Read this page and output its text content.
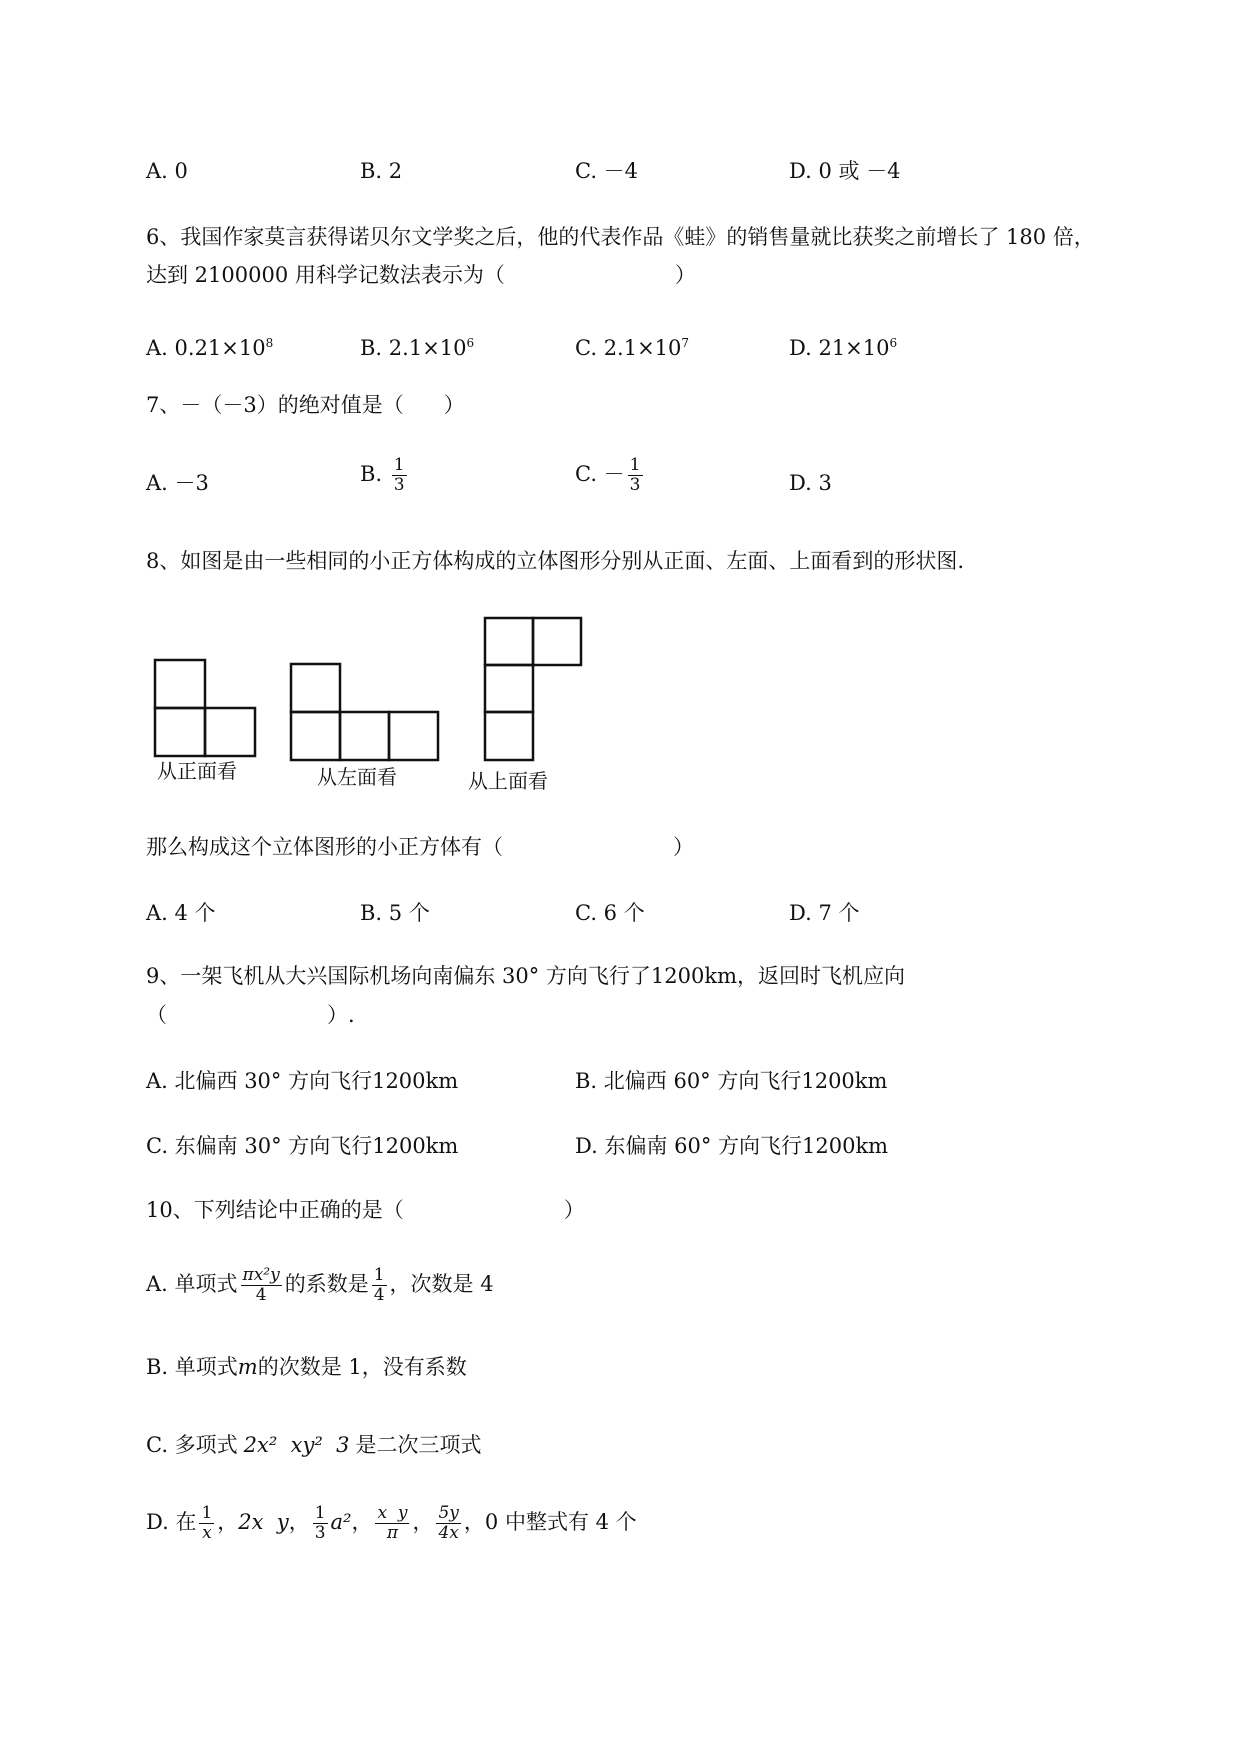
A. 0	B. 2	C. －4	D. 0 或 －4
6、我国作家莫言获得诺贝尔文学奖之后，他的代表作品《蛙》的销售量就比获奖之前增长了 180 倍，
达到 2100000 用科学记数法表示为（	）
A. $0.21\times 10^8$	B. $2.1\times 10^6$	C. $2.1\times 10^7$	D. $21\times 10^6$
7、－（－3）的绝对值是（ ）
A. －3	B. $\frac{1}{3}$	C. － $\frac{1}{3}$	D. 3
8、如图是由一些相同的小正方体构成的立体图形分别从正面、左面、上面看到的形状图.
从正面看	从左面看	从上面看
那么构成这个立体图形的小正方体有（	）
A. 4 个	B. 5 个	C. 6 个	D. 7 个
9、一架飞机从大兴国际机场向南偏东 30° 方向飞行了1200km，返回时飞机应向
（	）.
A. 北偏西 30° 方向飞行1200km	B. 北偏西 60° 方向飞行1200km
C. 东偏南 30° 方向飞行1200km	D. 东偏南 60° 方向飞行1200km
10、下列结论中正确的是（	）
A. 单项式 $\frac{\text{πx²y}}{4}$ 的系数是 $\frac{1}{4}$ ，次数是 4
B. 单项式m的次数是 1，没有系数
C. 多项式 2x²  xy²  3 是二次三项式
D. 在 $\frac{1}{x}$ ，2x  y， $\frac{1}{3} a^2$， $\frac{\text{x  y}}{\pi}$ ， $\frac{5y}{4x}$ ，0 中整式有 4 个
